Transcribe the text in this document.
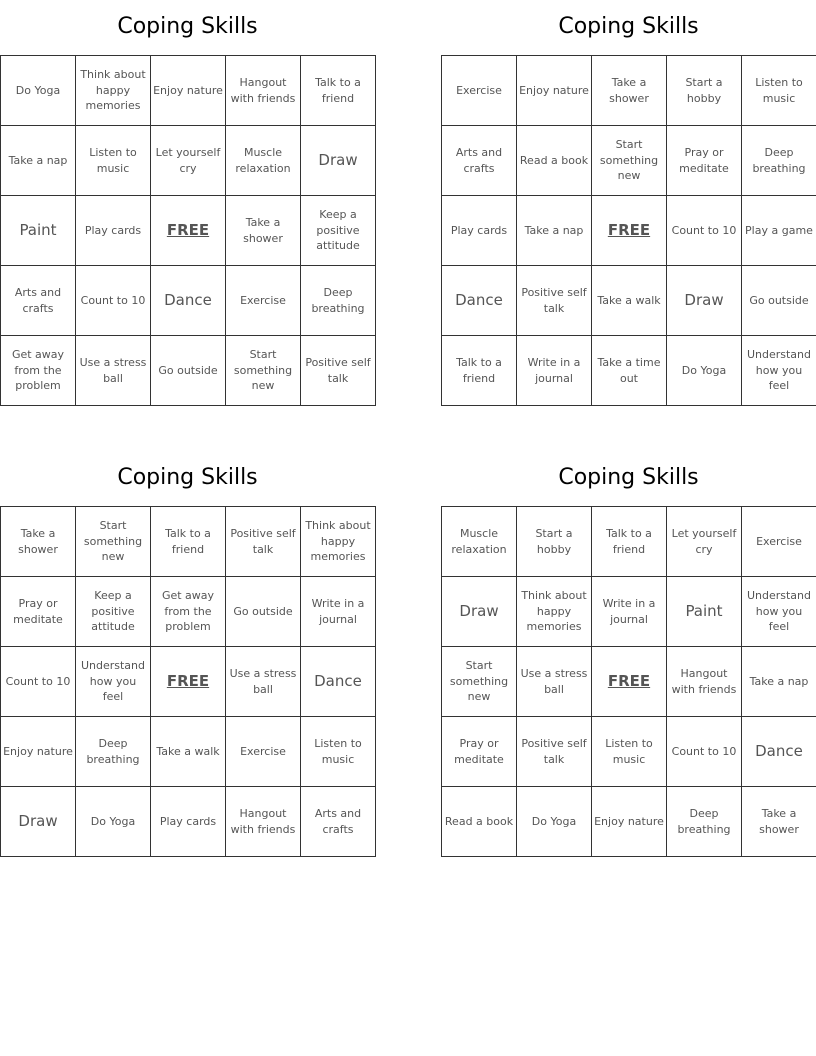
Coping Skills
Do Yoga	Think about happy memories	Enjoy nature	Hangout with friends	Talk to a friend
Take a nap	Listen to music	Let yourself cry	Muscle relaxation	Draw
Paint	Play cards	FREE	Take a shower	Keep a positive attitude
Arts and crafts	Count to 10	Dance	Exercise	Deep breathing
Get away from the problem	Use a stress ball	Go outside	Start something new	Positive self talk
Coping Skills
Exercise	Enjoy nature	Take a shower	Start a hobby	Listen to music
Arts and crafts	Read a book	Start something new	Pray or meditate	Deep breathing
Play cards	Take a nap	FREE	Count to 10	Play a game
Dance	Positive self talk	Take a walk	Draw	Go outside
Talk to a friend	Write in a journal	Take a time out	Do Yoga	Understand how you feel
Coping Skills
Take a shower	Start something new	Talk to a friend	Positive self talk	Think about happy memories
Pray or meditate	Keep a positive attitude	Get away from the problem	Go outside	Write in a journal
Count to 10	Understand how you feel	FREE	Use a stress ball	Dance
Enjoy nature	Deep breathing	Take a walk	Exercise	Listen to music
Draw	Do Yoga	Play cards	Hangout with friends	Arts and crafts
Coping Skills
Muscle relaxation	Start a hobby	Talk to a friend	Let yourself cry	Exercise
Draw	Think about happy memories	Write in a journal	Paint	Understand how you feel
Start something new	Use a stress ball	FREE	Hangout with friends	Take a nap
Pray or meditate	Positive self talk	Listen to music	Count to 10	Dance
Read a book	Do Yoga	Enjoy nature	Deep breathing	Take a shower
